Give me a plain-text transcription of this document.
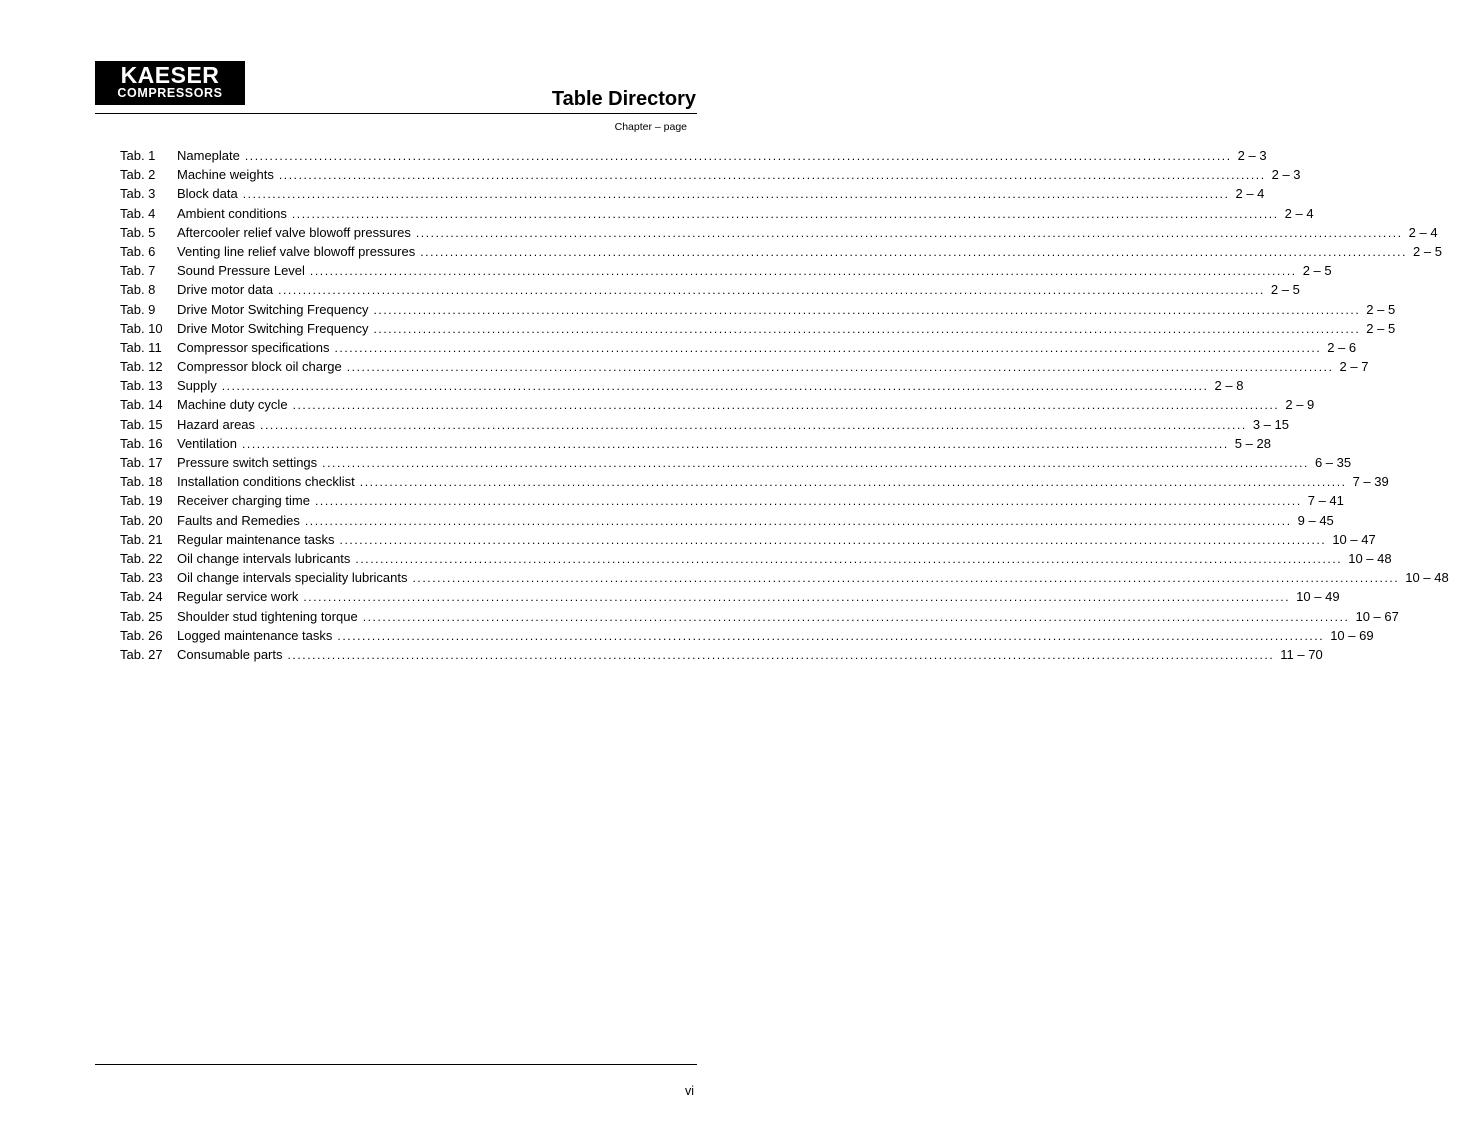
KAESER
COMPRESSORS	Table Directory
Chapter – page
Tab. 1	Nameplate ........................................................................................................................................................................................................ 2 – 3
Tab. 2	Machine weights ........................................................................................................................................................................................................ 2 – 3
Tab. 3	Block data ........................................................................................................................................................................................................ 2 – 4
Tab. 4	Ambient conditions ........................................................................................................................................................................................................ 2 – 4
Tab. 5	Aftercooler relief valve blowoff pressures ........................................................................................................................................................................................................ 2 – 4
Tab. 6	Venting line relief valve blowoff pressures ........................................................................................................................................................................................................ 2 – 5
Tab. 7	Sound Pressure Level ........................................................................................................................................................................................................ 2 – 5
Tab. 8	Drive motor data ........................................................................................................................................................................................................ 2 – 5
Tab. 9	Drive Motor Switching Frequency ........................................................................................................................................................................................................ 2 – 5
Tab. 10	Drive Motor Switching Frequency ........................................................................................................................................................................................................ 2 – 5
Tab. 11	Compressor specifications ........................................................................................................................................................................................................ 2 – 6
Tab. 12	Compressor block oil charge ........................................................................................................................................................................................................ 2 – 7
Tab. 13	Supply ........................................................................................................................................................................................................ 2 – 8
Tab. 14	Machine duty cycle ........................................................................................................................................................................................................ 2 – 9
Tab. 15	Hazard areas ........................................................................................................................................................................................................ 3 – 15
Tab. 16	Ventilation ........................................................................................................................................................................................................ 5 – 28
Tab. 17	Pressure switch settings ........................................................................................................................................................................................................ 6 – 35
Tab. 18	Installation conditions checklist ........................................................................................................................................................................................................ 7 – 39
Tab. 19	Receiver charging time ........................................................................................................................................................................................................ 7 – 41
Tab. 20	Faults and Remedies ........................................................................................................................................................................................................ 9 – 45
Tab. 21	Regular maintenance tasks ........................................................................................................................................................................................................ 10 – 47
Tab. 22	Oil change intervals lubricants ........................................................................................................................................................................................................ 10 – 48
Tab. 23	Oil change intervals speciality lubricants ........................................................................................................................................................................................................ 10 – 48
Tab. 24	Regular service work ........................................................................................................................................................................................................ 10 – 49
Tab. 25	Shoulder stud tightening torque ........................................................................................................................................................................................................ 10 – 67
Tab. 26	Logged maintenance tasks ........................................................................................................................................................................................................ 10 – 69
Tab. 27	Consumable parts ........................................................................................................................................................................................................ 11 – 70
vi
